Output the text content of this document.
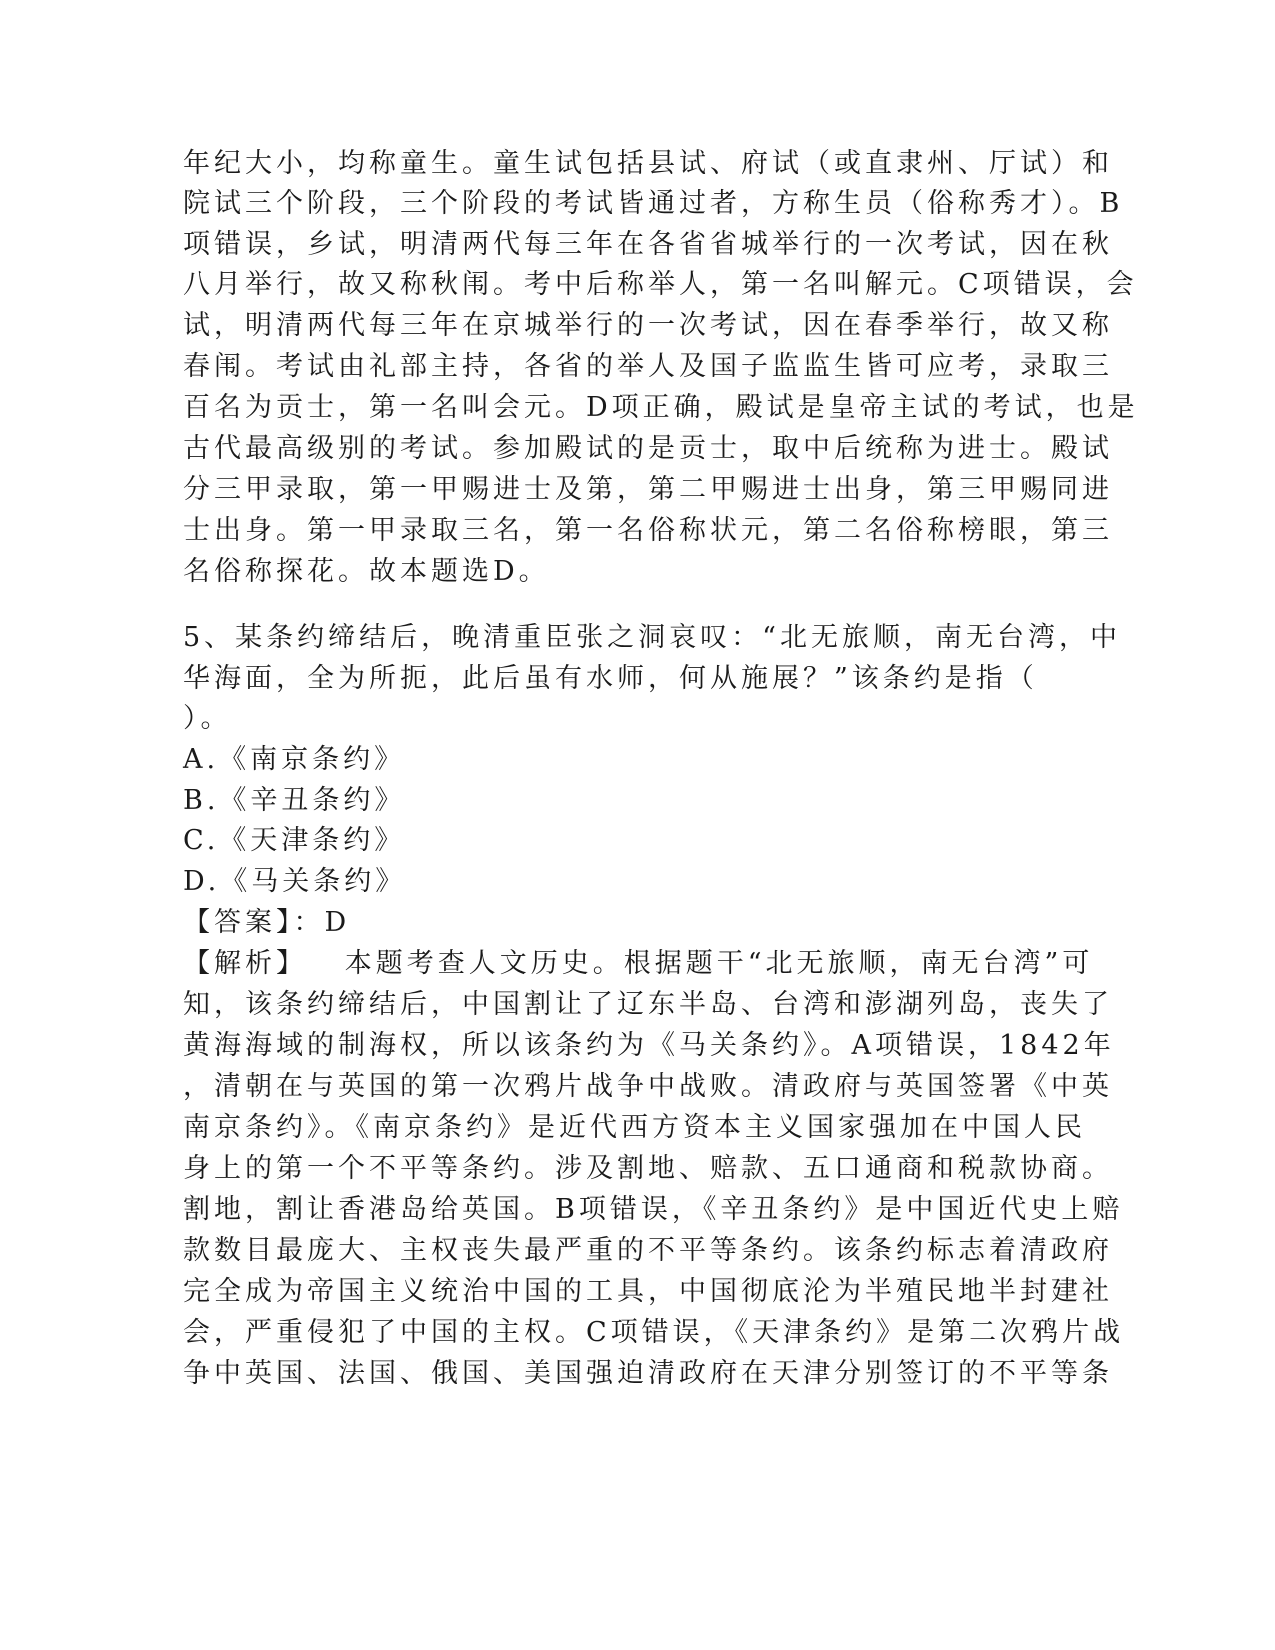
年纪大小，均称童生。童生试包括县试、府试（或直隶州、厅试）和
院试三个阶段，三个阶段的考试皆通过者，方称生员（俗称秀才）。B
项错误，乡试，明清两代每三年在各省省城举行的一次考试，因在秋
八月举行，故又称秋闱。考中后称举人，第一名叫解元。C项错误，会
试，明清两代每三年在京城举行的一次考试，因在春季举行，故又称
春闱。考试由礼部主持，各省的举人及国子监监生皆可应考，录取三
百名为贡士，第一名叫会元。D项正确，殿试是皇帝主试的考试，也是
古代最高级别的考试。参加殿试的是贡士，取中后统称为进士。殿试
分三甲录取，第一甲赐进士及第，第二甲赐进士出身，第三甲赐同进
士出身。第一甲录取三名，第一名俗称状元，第二名俗称榜眼，第三
名俗称探花。故本题选D。
5、某条约缔结后，晚清重臣张之洞哀叹：“北无旅顺，南无台湾，中
华海面，全为所扼，此后虽有水师，何从施展？”该条约是指（
）。
A.《南京条约》
B.《辛丑条约》
C.《天津条约》
D.《马关条约》
【答案】：D
【解析】   本题考查人文历史。根据题干“北无旅顺，南无台湾”可
知，该条约缔结后，中国割让了辽东半岛、台湾和澎湖列岛，丧失了
黄海海域的制海权，所以该条约为《马关条约》。A项错误，1842年
，清朝在与英国的第一次鸦片战争中战败。清政府与英国签署《中英
南京条约》。《南京条约》是近代西方资本主义国家强加在中国人民
身上的第一个不平等条约。涉及割地、赔款、五口通商和税款协商。
割地，割让香港岛给英国。B项错误，《辛丑条约》是中国近代史上赔
款数目最庞大、主权丧失最严重的不平等条约。该条约标志着清政府
完全成为帝国主义统治中国的工具，中国彻底沦为半殖民地半封建社
会，严重侵犯了中国的主权。C项错误，《天津条约》是第二次鸦片战
争中英国、法国、俄国、美国强迫清政府在天津分别签订的不平等条
